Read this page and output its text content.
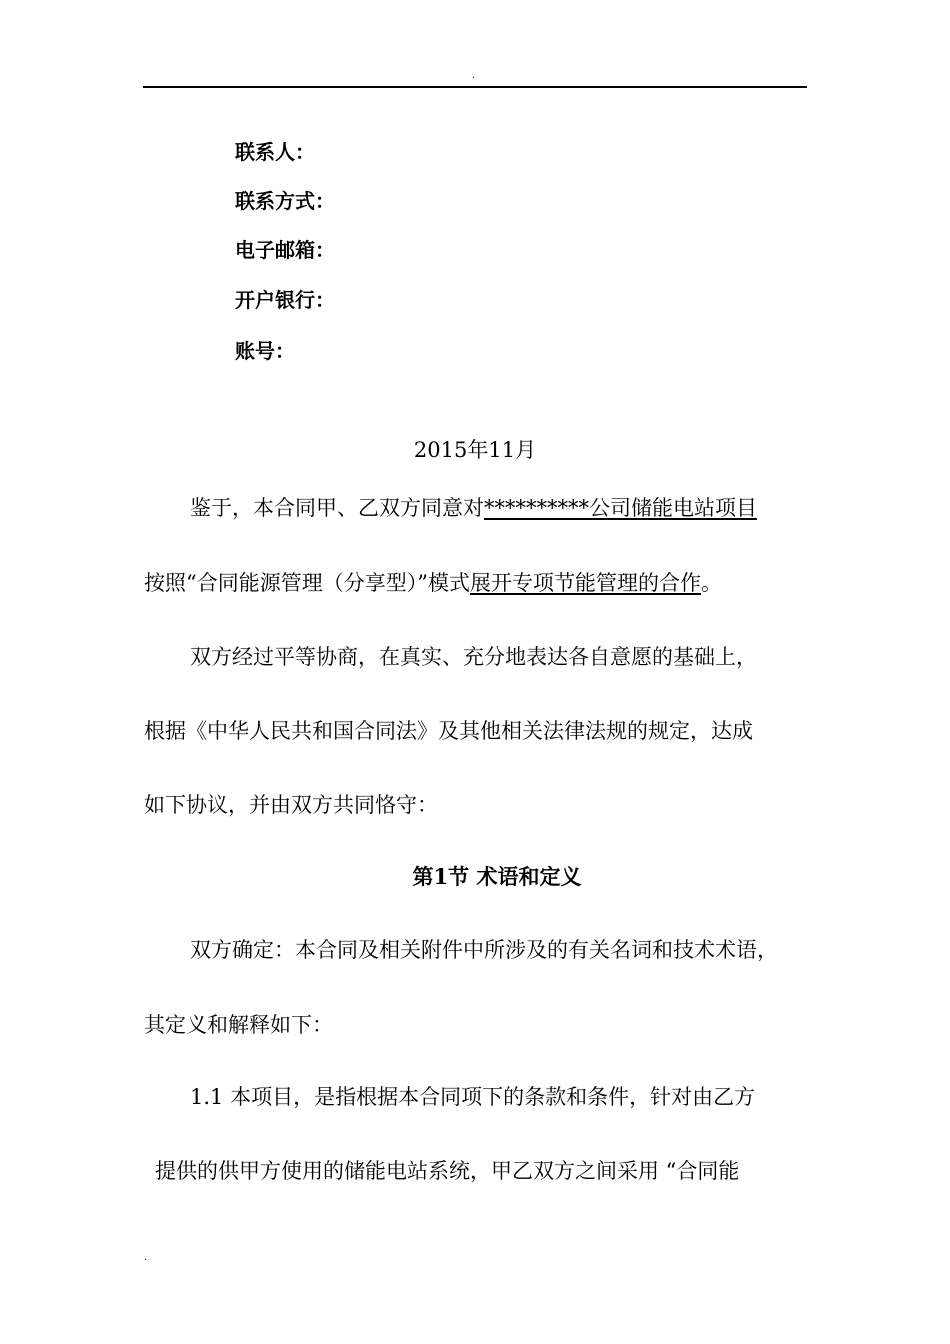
.
联系人：
联系方式：
电子邮箱：
开户银行：
账号：
2015年11月
鉴于，本合同甲、乙双方同意对**********公司储能电站项目
按照“合同能源管理（分享型）”模式展开专项节能管理的合作。
双方经过平等协商，在真实、充分地表达各自意愿的基础上，
根据《中华人民共和国合同法》及其他相关法律法规的规定，达成
如下协议，并由双方共同恪守：
第1节 术语和定义
双方确定：本合同及相关附件中所涉及的有关名词和技术术语，
其定义和解释如下：
1.1 本项目，是指根据本合同项下的条款和条件，针对由乙方
提供的供甲方使用的储能电站系统，甲乙双方之间采用 “合同能
.
